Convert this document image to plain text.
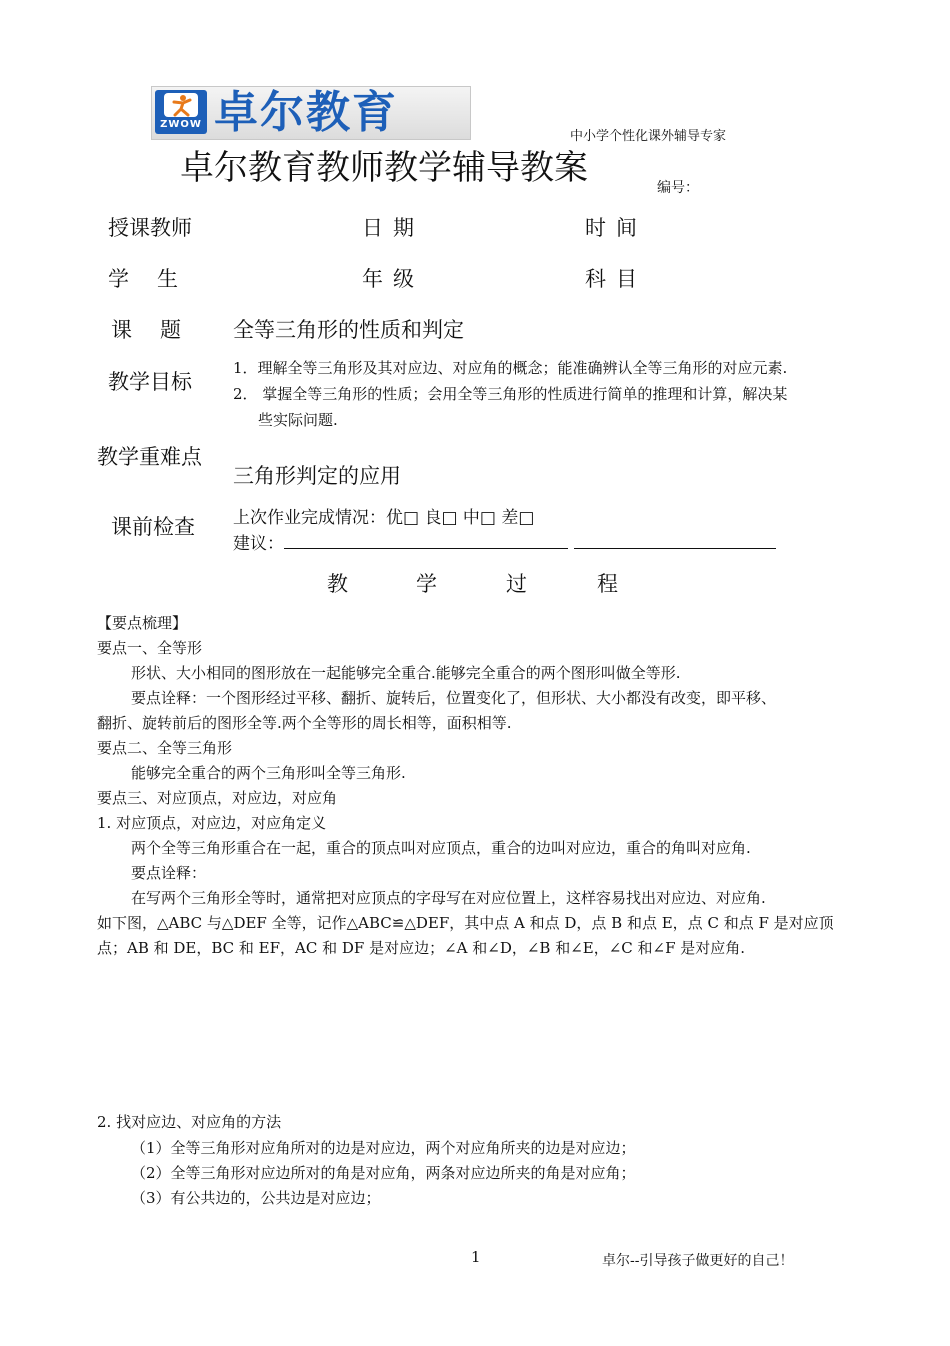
ZWOW 卓尔教育	中小学个性化课外辅导专家
卓尔教育教师教学辅导教案	编号：
授课教师	日期	时间
学生	年级	科目
课题 全等三角形的性质和判定
教学目标
1．理解全等三角形及其对应边、对应角的概念；能准确辨认全等三角形的对应元素.
2． 掌握全等三角形的性质；会用全等三角形的性质进行简单的推理和计算，解决某
些实际问题.
教学重难点
三角形判定的应用
课前检查 上次作业完成情况：优□ 良□ 中□ 差□
建议：
教	学	过	程
【要点梳理】
要点一、全等形
形状、大小相同的图形放在一起能够完全重合.能够完全重合的两个图形叫做全等形.
要点诠释：一个图形经过平移、翻折、旋转后，位置变化了，但形状、大小都没有改变，即平移、
翻折、旋转前后的图形全等.两个全等形的周长相等，面积相等.
要点二、全等三角形
能够完全重合的两个三角形叫全等三角形.
要点三、对应顶点，对应边，对应角
1. 对应顶点，对应边，对应角定义
两个全等三角形重合在一起，重合的顶点叫对应顶点，重合的边叫对应边，重合的角叫对应角.
要点诠释：
在写两个三角形全等时，通常把对应顶点的字母写在对应位置上，这样容易找出对应边、对应角.
如下图，△ABC 与△DEF 全等，记作△ABC≌△DEF，其中点 A 和点 D，点 B 和点 E，点 C 和点 F 是对应顶
点；AB 和 DE，BC 和 EF，AC 和 DF 是对应边；∠A 和∠D，∠B 和∠E，∠C 和∠F 是对应角.
2. 找对应边、对应角的方法
（1）全等三角形对应角所对的边是对应边，两个对应角所夹的边是对应边；
（2）全等三角形对应边所对的角是对应角，两条对应边所夹的角是对应角；
（3）有公共边的，公共边是对应边；
1	卓尔--引导孩子做更好的自己！
